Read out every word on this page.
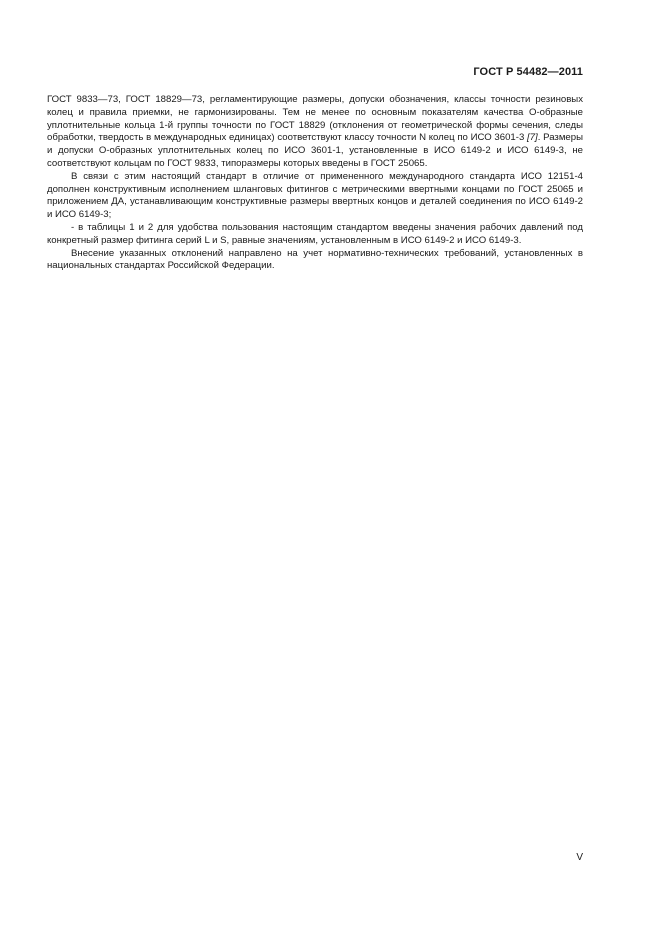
ГОСТ Р 54482—2011

ГОСТ 9833—73, ГОСТ 18829—73, регламентирующие размеры, допуски обозначения, классы точности резиновых колец и правила приемки, не гармонизированы. Тем не менее по основным показателям качества О-образные уплотнительные кольца 1-й группы точности по ГОСТ 18829 (отклонения от геометрической формы сечения, следы обработки, твердость в международных единицах) соответствуют классу точности N колец по ИСО 3601-3 [7]. Размеры и допуски О-образных уплотнительных колец по ИСО 3601-1, установленные в ИСО 6149-2 и ИСО 6149-3, не соответствуют кольцам по ГОСТ 9833, типоразмеры которых введены в ГОСТ 25065.

В связи с этим настоящий стандарт в отличие от примененного международного стандарта ИСО 12151-4 дополнен конструктивным исполнением шланговых фитингов с метрическими ввертными концами по ГОСТ 25065 и приложением ДА, устанавливающим конструктивные размеры ввертных концов и деталей соединения по ИСО 6149-2 и ИСО 6149-3;

- в таблицы 1 и 2 для удобства пользования настоящим стандартом введены значения рабочих давлений под конкретный размер фитинга серий L и S, равные значениям, установленным в ИСО 6149-2 и ИСО 6149-3.

Внесение указанных отклонений направлено на учет нормативно-технических требований, установленных в национальных стандартах Российской Федерации.

V
